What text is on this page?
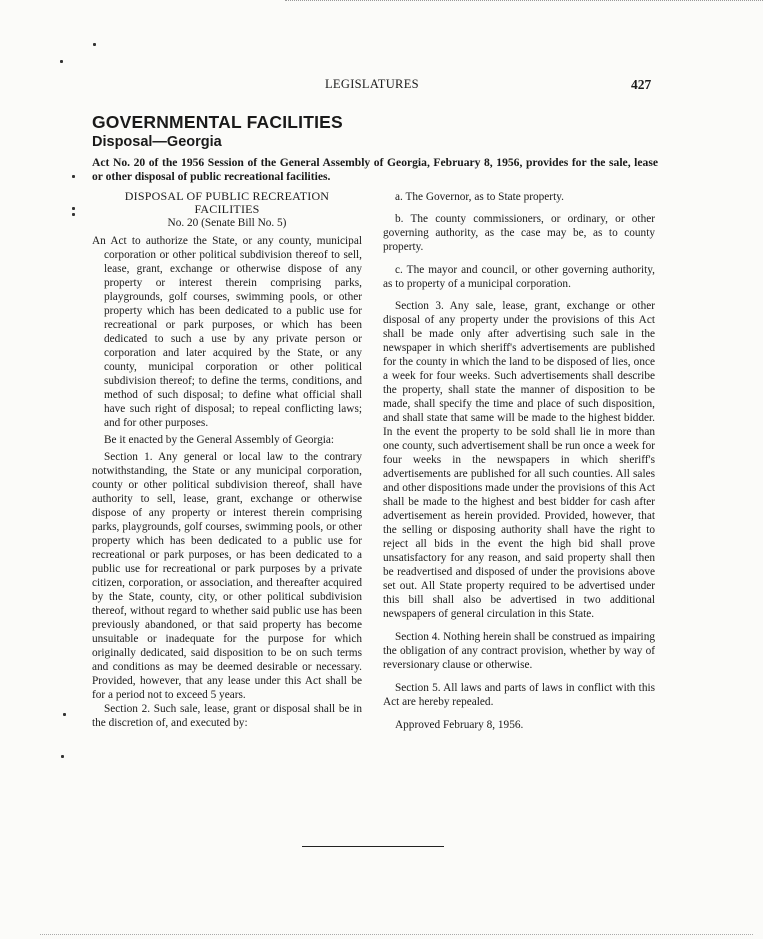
LEGISLATURES	427
GOVERNMENTAL FACILITIES
Disposal—Georgia
Act No. 20 of the 1956 Session of the General Assembly of Georgia, February 8, 1956, provides for the sale, lease or other disposal of public recreational facilities.
DISPOSAL OF PUBLIC RECREATION FACILITIES
No. 20 (Senate Bill No. 5)

An Act to authorize the State, or any county, municipal corporation or other political subdivision thereof to sell, lease, grant, exchange or otherwise dispose of any property or interest therein comprising parks, playgrounds, golf courses, swimming pools, or other property which has been dedicated to a public use for recreational or park purposes, or which has been dedicated to such a use by any private person or corporation and later acquired by the State, or any county, municipal corporation or other political subdivision thereof; to define the terms, conditions, and method of such disposal; to define what official shall have such right of disposal; to repeal conflicting laws; and for other purposes.

Be it enacted by the General Assembly of Georgia:

Section 1. Any general or local law to the contrary notwithstanding, the State or any municipal corporation, county or other political subdivision thereof, shall have authority to sell, lease, grant, exchange or otherwise dispose of any property or interest therein comprising parks, playgrounds, golf courses, swimming pools, or other property which has been dedicated to a public use for recreational or park purposes, or has been dedicated to a public use for recreational or park purposes by a private citizen, corporation, or association, and thereafter acquired by the State, county, city, or other political subdivision thereof, without regard to whether said public use has been previously abandoned, or that said property has become unsuitable or inadequate for the purpose for which originally dedicated, said disposition to be on such terms and conditions as may be deemed desirable or necessary. Provided, however, that any lease under this Act shall be for a period not to exceed 5 years.

Section 2. Such sale, lease, grant or disposal shall be in the discretion of, and executed by:

a. The Governor, as to State property.

b. The county commissioners, or ordinary, or other governing authority, as the case may be, as to county property.

c. The mayor and council, or other governing authority, as to property of a municipal corporation.

Section 3. Any sale, lease, grant, exchange or other disposal of any property under the provisions of this Act shall be made only after advertising such sale in the newspaper in which sheriff's advertisements are published for the county in which the land to be disposed of lies, once a week for four weeks. Such advertisements shall describe the property, shall state the manner of disposition to be made, shall specify the time and place of such disposition, and shall state that same will be made to the highest bidder. In the event the property to be sold shall lie in more than one county, such advertisement shall be run once a week for four weeks in the newspapers in which sheriff's advertisements are published for all such counties. All sales and other dispositions made under the provisions of this Act shall be made to the highest and best bidder for cash after advertisement as herein provided. Provided, however, that the selling or disposing authority shall have the right to reject all bids in the event the high bid shall prove unsatisfactory for any reason, and said property shall then be readvertised and disposed of under the provisions above set out. All State property required to be advertised under this bill shall also be advertised in two additional newspapers of general circulation in this State.

Section 4. Nothing herein shall be construed as impairing the obligation of any contract provision, whether by way of reversionary clause or otherwise.

Section 5. All laws and parts of laws in conflict with this Act are hereby repealed.

Approved February 8, 1956.
